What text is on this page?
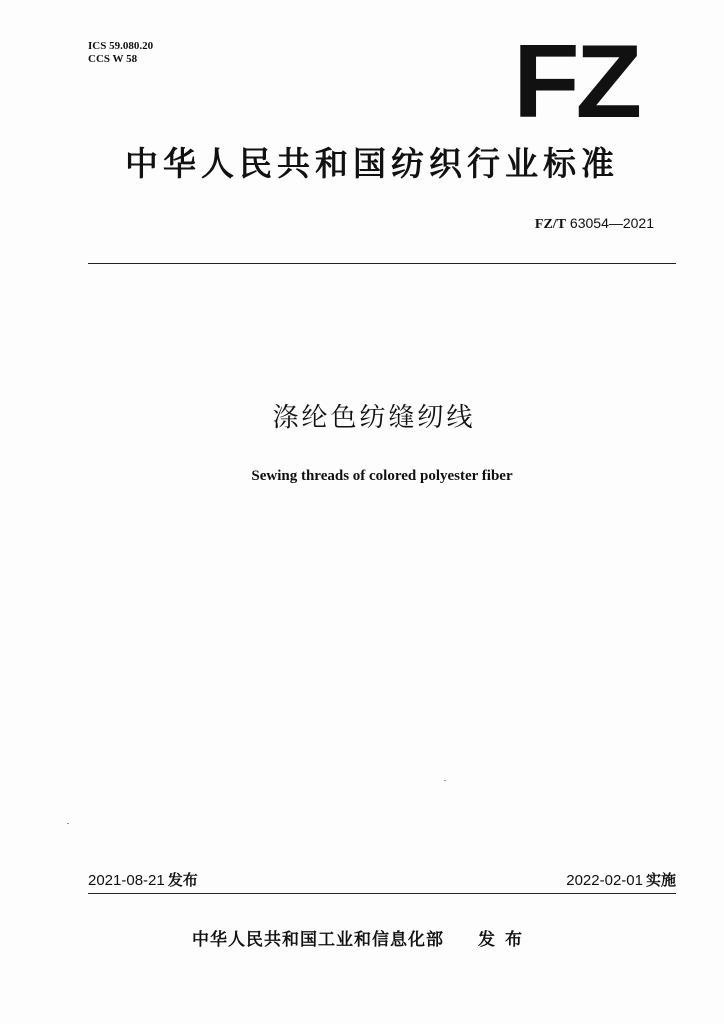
ICS 59.080.20
CCS W 58	FZ
中华人民共和国纺织行业标准
FZ/T 63054—2021
涤纶色纺缝纫线
Sewing threads of colored polyester fiber
2021-08-21 发布	2022-02-01 实施
中华人民共和国工业和信息化部 发布
